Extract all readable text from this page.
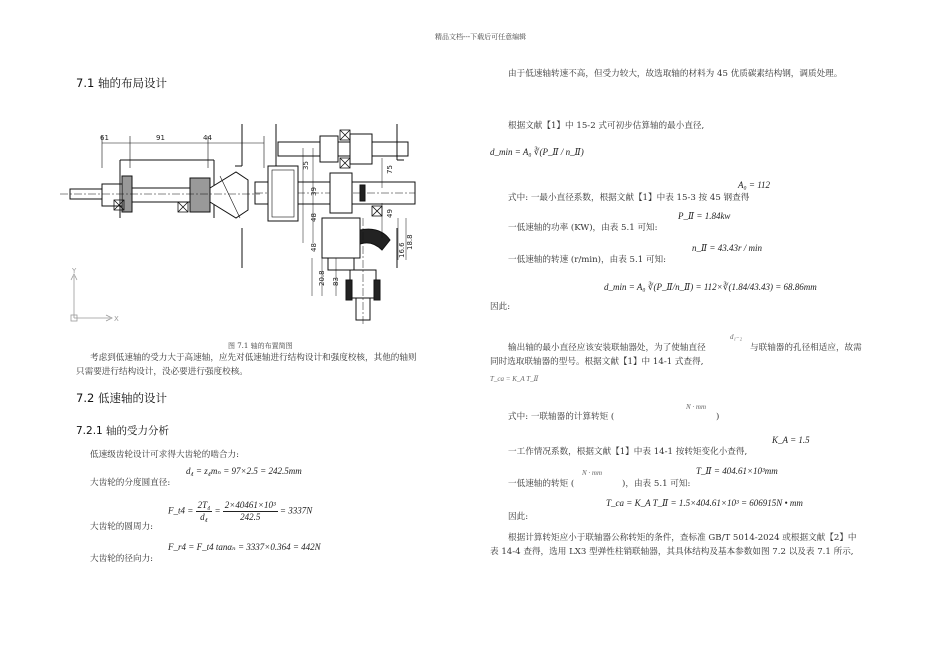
精品文档---下载后可任意编辑
7.1 轴的布局设计
61	91	44
35	75
39
48	49
48
20.8 83
18.8
16.6
Y
X
图 7.1 轴的布置简图
考虑到低速轴的受力大于高速轴，应先对低速轴进行结构设计和强度校核，其他的轴则
只需要进行结构设计，没必要进行强度校核。
7.2 低速轴的设计
7.2.1 轴的受力分析
低速级齿轮设计可求得大齿轮的啮合力:
d₄ = z₄mₙ = 97×2.5 = 242.5mm
大齿轮的分度圆直径:
F_t4 = $\frac{\text{2T₄}}{\text{d₄}} = \frac{\text{2×40461×10³}}{242.5} = 3337N$
大齿轮的圆周力:
F_r4 = F_t4 tanαₙ = 3337×0.364 = 442N
大齿轮的径向力:
由于低速轴转速不高，但受力较大，故选取轴的材料为 45 优质碳素结构钢，调质处理。
根据文献【1】中 15-2 式可初步估算轴的最小直径,
d_min = A₀ ∛(P_Ⅱ / n_Ⅱ)
A₀ = 112
式中: 一最小直径系数，根据文献【1】中表 15-3 按 45 钢查得
P_Ⅱ = 1.84kw
一低速轴的功率 (KW)，由表 5.1 可知:
n_Ⅱ = 43.43r / min
一低速轴的转速 (r/min)，由表 5.1 可知:
d_min = A₀ ∛(P_Ⅱ/n_Ⅱ) = 112×∛(1.84/43.43) = 68.86mm
因此:
d₁₋₂
输出轴的最小直径应该安装联轴器处，为了使轴直径	与联轴器的孔径相适应，故需
同时选取联轴器的型号。根据文献【1】中 14-1 式查得,
T_ca = K_A T_Ⅱ
N · mm
式中: 一联轴器的计算转矩 (	)
K_A = 1.5
一工作情况系数，根据文献【1】中表 14-1 按转矩变化小查得,
T_Ⅱ = 404.61×10³mm
N · mm
一低速轴的转矩 (	)，由表 5.1 可知:
T_ca = K_A T_Ⅱ = 1.5×404.61×10³ = 606915N • mm
因此:
根据计算转矩应小于联轴器公称转矩的条件，查标准 GB/T 5014-2024 或根据文献【2】中
表 14-4 查得，选用 LX3 型弹性柱销联轴器，其具体结构及基本参数如图 7.2 以及表 7.1 所示,
